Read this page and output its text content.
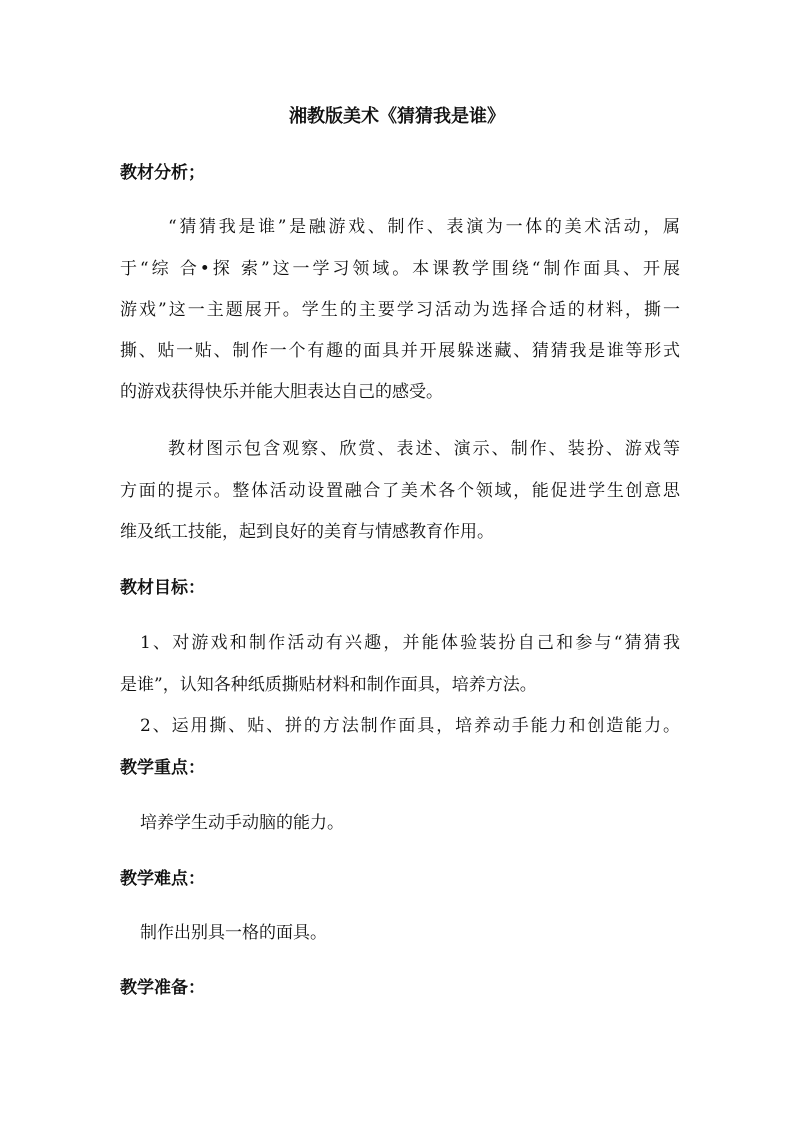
湘教版美术《猜猜我是谁》
教材分析；
“猜猜我是谁”是融游戏、制作、表演为一体的美术活动，属
于“综 合•探 索”这一学习领域。本课教学围绕“制作面具、开展
游戏”这一主题展开。学生的主要学习活动为选择合适的材料，撕一
撕、贴一贴、制作一个有趣的面具并开展躲迷藏、猜猜我是谁等形式
的游戏获得快乐并能大胆表达自己的感受。
教材图示包含观察、欣赏、表述、演示、制作、装扮、游戏等
方面的提示。整体活动设置融合了美术各个领域，能促进学生创意思
维及纸工技能，起到良好的美育与情感教育作用。
教材目标：
1、对游戏和制作活动有兴趣，并能体验装扮自己和参与“猜猜我
是谁”，认知各种纸质撕贴材料和制作面具，培养方法。
2、运用撕、贴、拼的方法制作面具，培养动手能力和创造能力。
教学重点：
培养学生动手动脑的能力。
教学难点：
制作出别具一格的面具。
教学准备：
